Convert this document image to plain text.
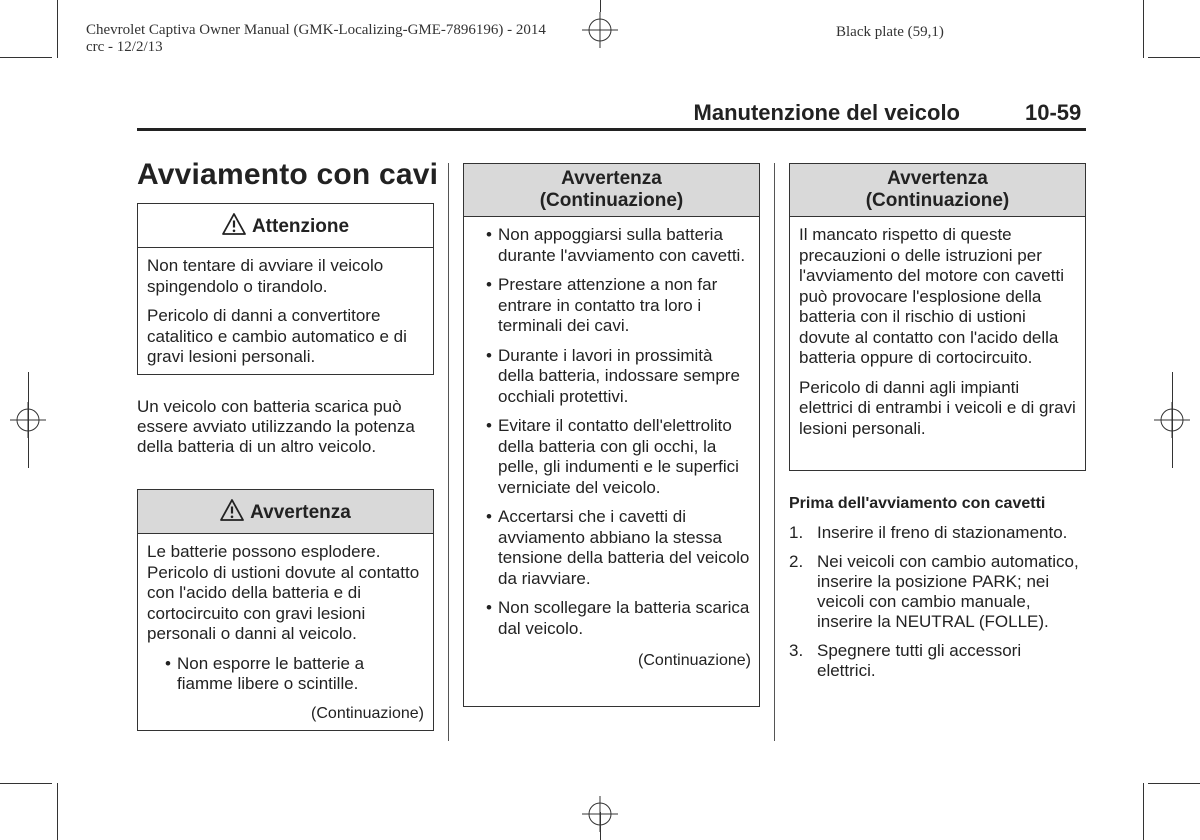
Chevrolet Captiva Owner Manual (GMK-Localizing-GME-7896196) - 2014
crc - 12/2/13
Black plate (59,1)
Manutenzione del veicolo	10-59
Avviamento con cavi
Attenzione

Non tentare di avviare il veicolo spingendolo o tirandolo.

Pericolo di danni a convertitore catalitico e cambio automatico e di gravi lesioni personali.

Un veicolo con batteria scarica può essere avviato utilizzando la potenza della batteria di un altro veicolo.
Avvertenza

Le batterie possono esplodere. Pericolo di ustioni dovute al contatto con l'acido della batteria e di cortocircuito con gravi lesioni personali o danni al veicolo.

• Non esporre le batterie a fiamme libere o scintille.
(Continuazione)
Avvertenza
(Continuazione)
• Non appoggiarsi sulla batteria durante l'avviamento con cavetti.
• Prestare attenzione a non far entrare in contatto tra loro i terminali dei cavi.
• Durante i lavori in prossimità della batteria, indossare sempre occhiali protettivi.
• Evitare il contatto dell'elettrolito della batteria con gli occhi, la pelle, gli indumenti e le superfici verniciate del veicolo.
• Accertarsi che i cavetti di avviamento abbiano la stessa tensione della batteria del veicolo da riavviare.
• Non scollegare la batteria scarica dal veicolo.
(Continuazione)
Avvertenza
(Continuazione)

Il mancato rispetto di queste precauzioni o delle istruzioni per l'avviamento del motore con cavetti può provocare l'esplosione della batteria con il rischio di ustioni dovute al contatto con l'acido della batteria oppure di cortocircuito.

Pericolo di danni agli impianti elettrici di entrambi i veicoli e di gravi lesioni personali.

Prima dell'avviamento con cavetti
1. Inserire il freno di stazionamento.
2. Nei veicoli con cambio automatico, inserire la posizione PARK; nei veicoli con cambio manuale, inserire la NEUTRAL (FOLLE).
3. Spegnere tutti gli accessori elettrici.
